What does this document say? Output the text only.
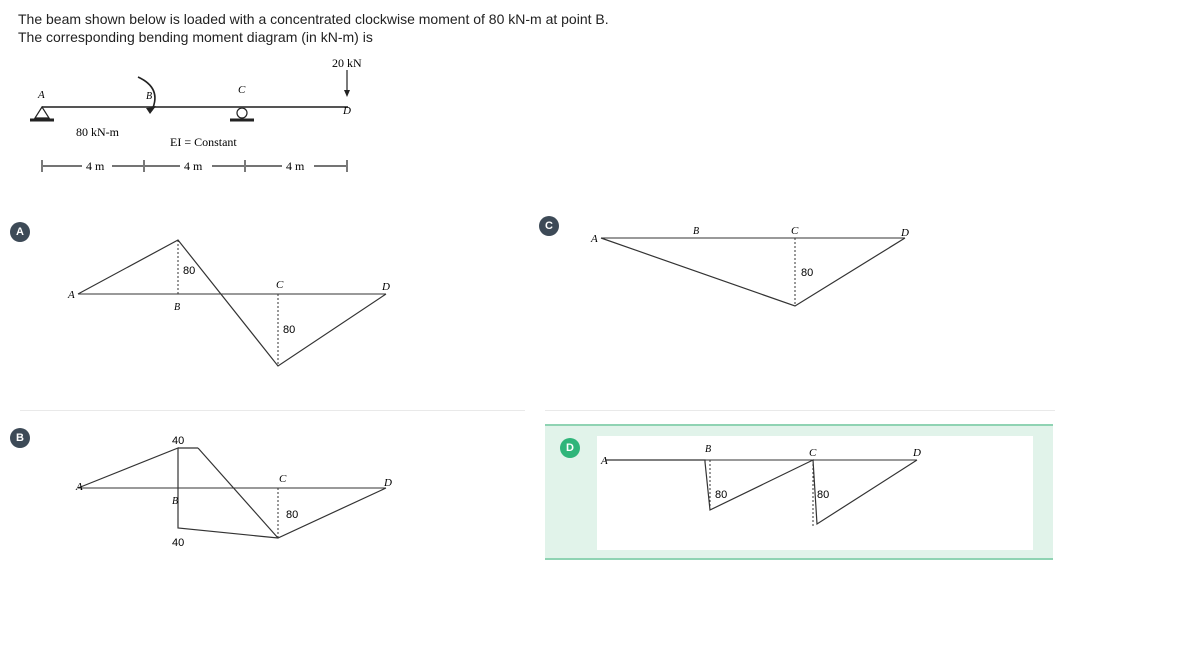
The beam shown below is loaded with a concentrated clockwise moment of 80 kN-m at point B.
The corresponding bending moment diagram (in kN-m) is
20 kN
A	B
C
D
80 kN-m
EI = Constant
4 m	4 m	4 m
A
A
B
C	D
80
80
C
A
B	C	D
80
B
A
B
C	D
40
40
80
D
A
B	C	D
80	80
